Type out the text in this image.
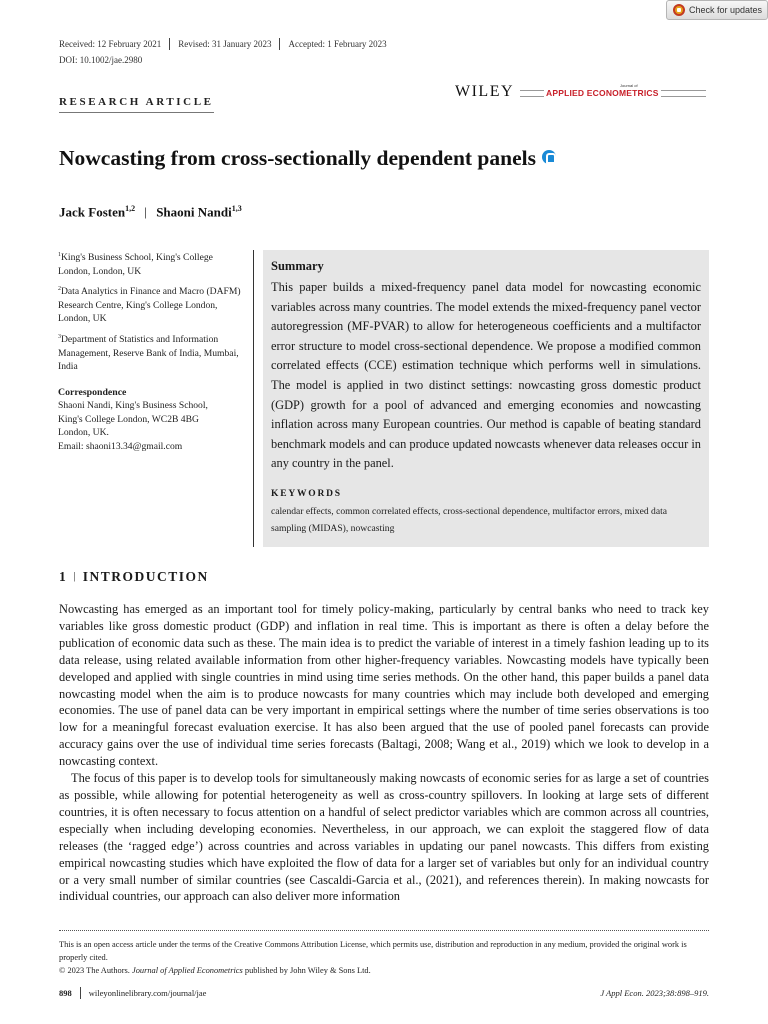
Check for updates
Received: 12 February 2021	Revised: 31 January 2023	Accepted: 1 February 2023
DOI: 10.1002/jae.2980
RESEARCH ARTICLE
WILEY	Journal of
APPLIED ECONOMETRICS
Nowcasting from cross-sectionally dependent panels
Jack Fosten$^{1,2}$ | Shaoni Nandi$^{1,3}$

$^1$King's Business School, King's College London, London, UK

$^2$Data Analytics in Finance and Macro (DAFM) Research Centre, King's College London, London, UK

$^3$Department of Statistics and Information Management, Reserve Bank of India, Mumbai, India

Correspondence
Shaoni Nandi, King's Business School,
King's College London, WC2B 4BG
London, UK.
Email: shaoni13.34@gmail.com
Summary
This paper builds a mixed-frequency panel data model for nowcasting economic variables across many countries. The model extends the mixed-frequency panel vector autoregression (MF-PVAR) to allow for heterogeneous coefficients and a multifactor error structure to model cross-sectional dependence. We propose a modified common correlated effects (CCE) estimation technique which performs well in simulations. The model is applied in two distinct settings: nowcasting gross domestic product (GDP) growth for a pool of advanced and emerging economies and nowcasting inflation across many European countries. Our method is capable of beating standard benchmark models and can produce updated nowcasts whenever data releases occur in any country in the panel.
KEYWORDS
calendar effects, common correlated effects, cross-sectional dependence, multifactor errors, mixed data sampling (MIDAS), nowcasting
1 | INTRODUCTION

Nowcasting has emerged as an important tool for timely policy-making, particularly by central banks who need to track key variables like gross domestic product (GDP) and inflation in real time. This is important as there is often a delay before the publication of economic data such as these. The main idea is to predict the variable of interest in a timely fashion leading up to its data release, using related available information from other higher-frequency variables. Nowcasting models have typically been developed and applied with single countries in mind using time series methods. On the other hand, this paper builds a panel data nowcasting model when the aim is to produce nowcasts for many countries which may include both developed and emerging economies. The use of panel data can be very important in empirical settings where the number of time series observations is too low for a meaningful forecast evaluation exercise. It has also been argued that the use of pooled panel forecasts can provide accuracy gains over the use of individual time series forecasts (Baltagi, 2008; Wang et al., 2019) which we look to develop in a nowcasting context.

The focus of this paper is to develop tools for simultaneously making nowcasts of economic series for as large a set of countries as possible, while allowing for potential heterogeneity as well as cross-country spillovers. In looking at large sets of different countries, it is often necessary to focus attention on a handful of select predictor variables which are common across all countries, especially when including developing economies. Nevertheless, in our approach, we can exploit the staggered flow of data releases (the ‘ragged edge’) across countries and across variables in updating our panel nowcasts. This differs from existing empirical nowcasting studies which have exploited the flow of data for a larger set of variables but only for an individual country or a very small number of similar countries (see Cascaldi-Garcia et al., (2021), and references therein). In making nowcasts for individual countries, our approach can also deliver more information

This is an open access article under the terms of the Creative Commons Attribution License, which permits use, distribution and reproduction in any medium, provided the original work is properly cited.
© 2023 The Authors. Journal of Applied Econometrics published by John Wiley & Sons Ltd.
898	wileyonlinelibrary.com/journal/jae	J Appl Econ. 2023;38:898–919.
